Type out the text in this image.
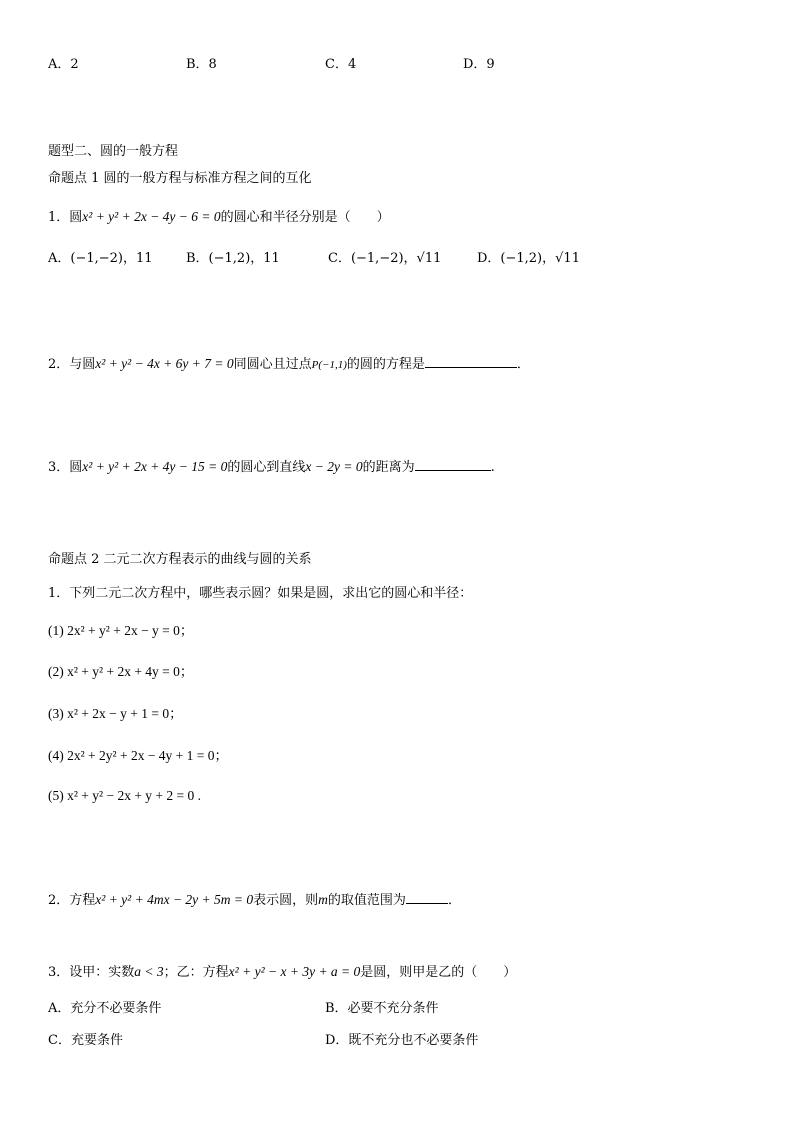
A．2	B．8	C．4	D．9
题型二、圆的一般方程
命题点 1 圆的一般方程与标准方程之间的互化
1．圆x² + y² + 2x − 4y − 6 = 0的圆心和半径分别是（　　）
A．(−1,−2)，11	B．(−1,2)，11	C．(−1,−2)，√11	D．(−1,2)，√11
2．与圆x² + y² − 4x + 6y + 7 = 0同圆心且过点P(−1,1)的圆的方程是	．
3．圆x² + y² + 2x + 4y − 15 = 0的圆心到直线x − 2y = 0的距离为	.
命题点 2 二元二次方程表示的曲线与圆的关系
1．下列二元二次方程中，哪些表示圆？如果是圆，求出它的圆心和半径：
(1) 2x² + y² + 2x − y = 0；
(2) x² + y² + 2x + 4y = 0；
(3) x² + 2x − y + 1 = 0；
(4) 2x² + 2y² + 2x − 4y + 1 = 0；
(5) x² + y² − 2x + y + 2 = 0 .
2．方程x² + y² + 4mx − 2y + 5m = 0表示圆，则m的取值范围为	．
3．设甲：实数a < 3；乙：方程x² + y² − x + 3y + a = 0是圆，则甲是乙的（　　）
A．充分不必要条件	B．必要不充分条件
C．充要条件	D．既不充分也不必要条件
